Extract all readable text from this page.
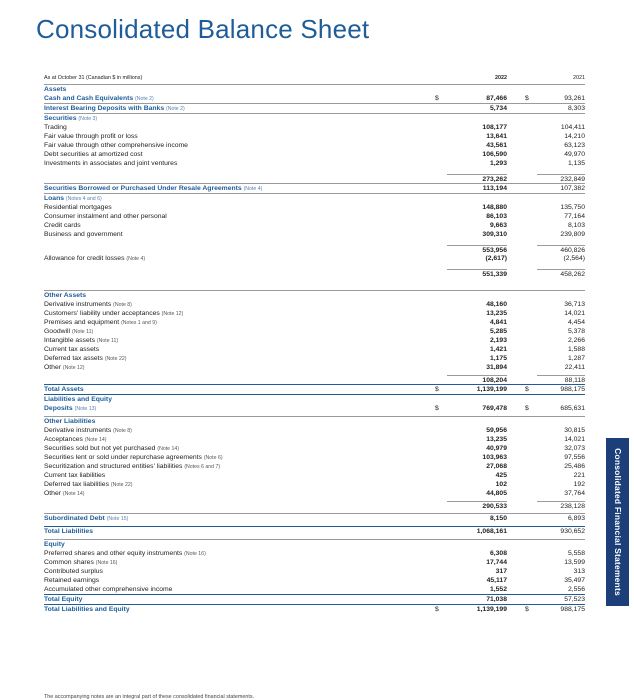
Consolidated Balance Sheet
Consolidated Financial Statements
As at October 31 (Canadian $ in millions)	2022	2021
Assets
Cash and Cash Equivalents (Note 2)	$	87,466	$	93,261
Interest Bearing Deposits with Banks (Note 2)	5,734	8,303
Securities (Note 3)
Trading	108,177	104,411
Fair value through profit or loss	13,641	14,210
Fair value through other comprehensive income	43,561	63,123
Debt securities at amortized cost	106,590	49,970
Investments in associates and joint ventures	1,293	1,135
273,262	232,849
Securities Borrowed or Purchased Under Resale Agreements (Note 4)	113,194	107,382
Loans (Notes 4 and 6)
Residential mortgages	148,880	135,750
Consumer instalment and other personal	86,103	77,164
Credit cards	9,663	8,103
Business and government	309,310	239,809
553,956	460,826
Allowance for credit losses (Note 4)	(2,617)	(2,564)
551,339	458,262
Other Assets
Derivative instruments (Note 8)	48,160	36,713
Customers' liability under acceptances (Note 12)	13,235	14,021
Premises and equipment (Notes 1 and 9)	4,841	4,454
Goodwill (Note 11)	5,285	5,378
Intangible assets (Note 11)	2,193	2,266
Current tax assets	1,421	1,588
Deferred tax assets (Note 22)	1,175	1,287
Other (Note 12)	31,894	22,411
108,204	88,118
Total Assets	$	1,139,199	$	988,175
Liabilities and Equity
Deposits (Note 13)	$	769,478	$	685,631
Other Liabilities
Derivative instruments (Note 8)	59,956	30,815
Acceptances (Note 14)	13,235	14,021
Securities sold but not yet purchased (Note 14)	40,979	32,073
Securities lent or sold under repurchase agreements (Note 6)	103,963	97,556
Securitization and structured entities' liabilities (Notes 6 and 7)	27,068	25,486
Current tax liabilities	425	221
Deferred tax liabilities (Note 22)	102	192
Other (Note 14)	44,805	37,764
290,533	238,128
Subordinated Debt (Note 15)	8,150	6,893
Total Liabilities	1,068,161	930,652
Equity
Preferred shares and other equity instruments (Note 16)	6,308	5,558
Common shares (Note 16)	17,744	13,599
Contributed surplus	317	313
Retained earnings	45,117	35,497
Accumulated other comprehensive income	1,552	2,556
Total Equity	71,038	57,523
Total Liabilities and Equity	$	1,139,199	$	988,175
The accompanying notes are an integral part of these consolidated financial statements.
